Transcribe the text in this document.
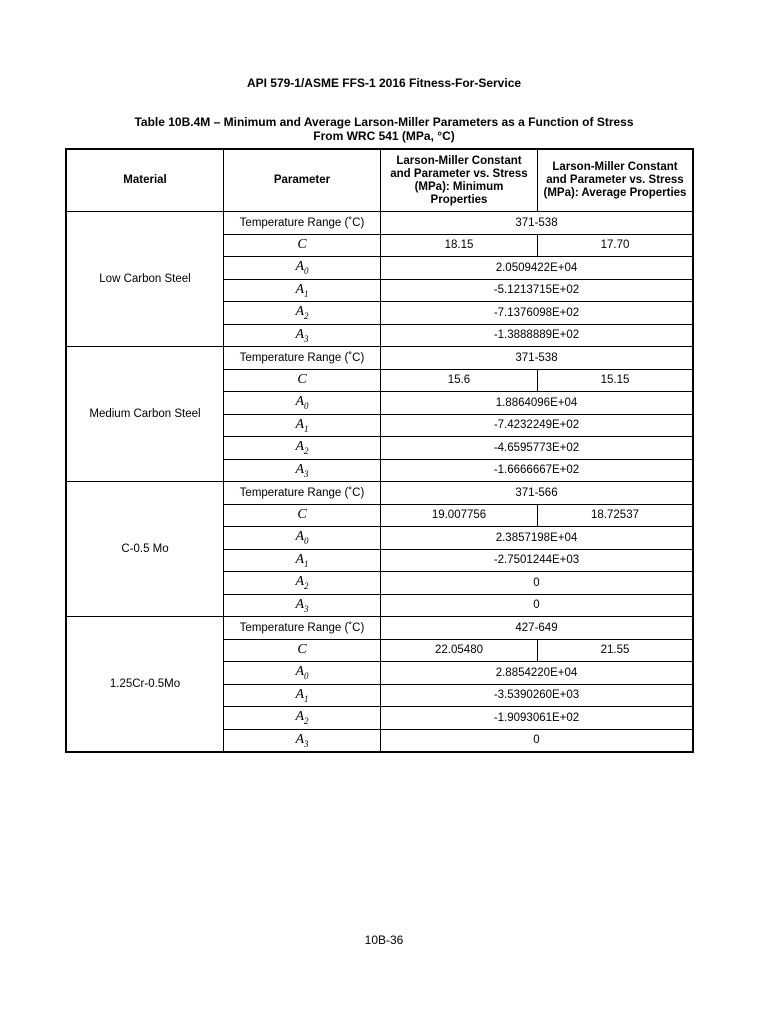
API 579-1/ASME FFS-1 2016 Fitness-For-Service
Table 10B.4M – Minimum and Average Larson-Miller Parameters as a Function of Stress
From WRC 541 (MPa, °C)
Material	Parameter	Larson-Miller Constant and Parameter vs. Stress (MPa): Minimum Properties	Larson-Miller Constant and Parameter vs. Stress (MPa): Average Properties
Low Carbon Steel	Temperature Range (˚C)	371-538	
	C	18.15	17.70
	$A_0$	2.0509422E+04	
	$A_1$	-5.1213715E+02	
	$A_2$	-7.1376098E+02	
	$A_3$	-1.3888889E+02	
Medium Carbon Steel	Temperature Range (˚C)	371-538	
	C	15.6	15.15
	$A_0$	1.8864096E+04	
	$A_1$	-7.4232249E+02	
	$A_2$	-4.6595773E+02	
	$A_3$	-1.6666667E+02	
C-0.5 Mo	Temperature Range (˚C)	371-566	
	C	19.007756	18.72537
	$A_0$	2.3857198E+04	
	$A_1$	-2.7501244E+03	
	$A_2$	0	
	$A_3$	0	
1.25Cr-0.5Mo	Temperature Range (˚C)	427-649	
	C	22.05480	21.55
	$A_0$	2.8854220E+04	
	$A_1$	-3.5390260E+03	
	$A_2$	-1.9093061E+02	
	$A_3$	0	
10B-36
